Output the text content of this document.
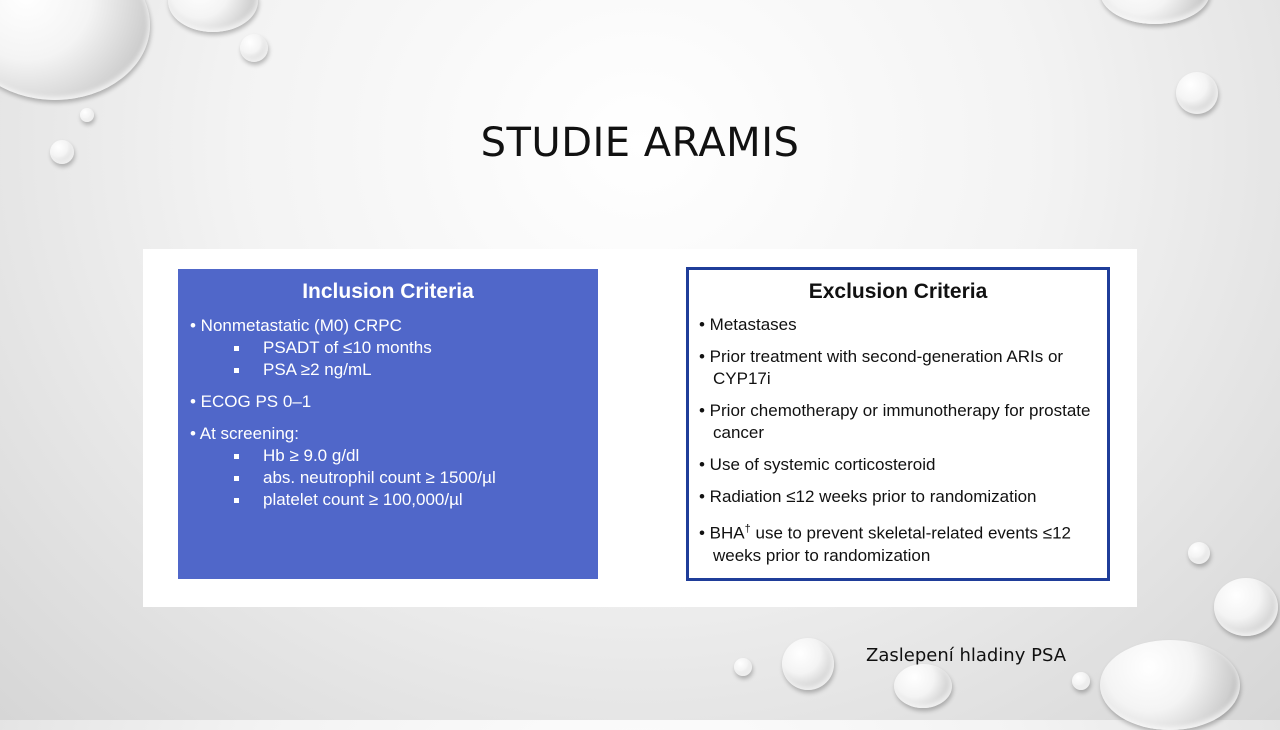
STUDIE ARAMIS
Inclusion Criteria
• Nonmetastatic (M0) CRPC
PSADT of ≤10 months
PSA ≥2 ng/mL
• ECOG PS 0–1
• At screening:
Hb ≥ 9.0 g/dl
abs. neutrophil count ≥ 1500/µl
platelet count ≥ 100,000/µl
Exclusion Criteria
• Metastases
• Prior treatment with second-generation ARIs or CYP17i
• Prior chemotherapy or immunotherapy for prostate cancer
• Use of systemic corticosteroid
• Radiation ≤12 weeks prior to randomization
• BHA† use to prevent skeletal-related events ≤12 weeks prior to randomization
Zaslepení hladiny PSA
